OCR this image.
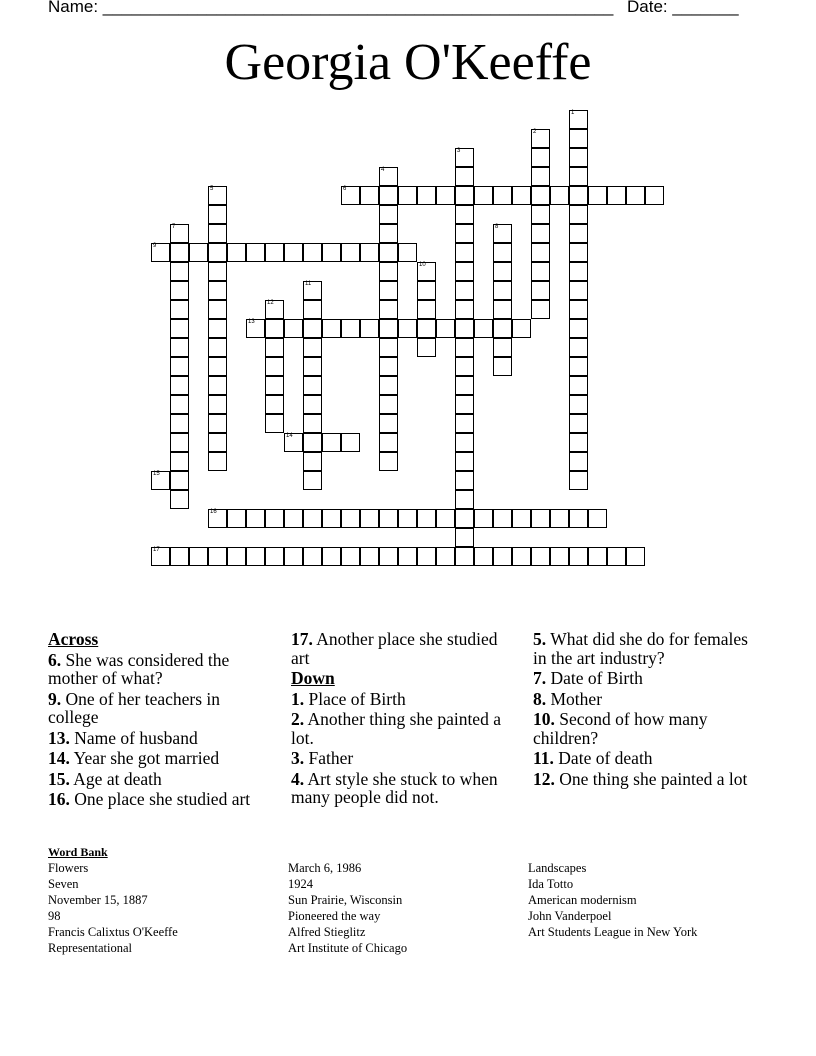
Name: ______________________________________________________ Date: _______
Georgia O'Keeffe
1
2
3
4
5	6
7	8
9
10
11
12
13
14
15
16
17
Across
6. She was considered the mother of what?
9. One of her teachers in college
13. Name of husband
14. Year she got married
15. Age at death
16. One place she studied art
17. Another place she studied art
Down
1. Place of Birth
2. Another thing she painted a lot.
3. Father
4. Art style she stuck to when many people did not.
5. What did she do for females in the art industry?
7. Date of Birth
8. Mother
10. Second of how many children?
11. Date of death
12. One thing she painted a lot
Word Bank
Flowers
Seven
November 15, 1887
98
Francis Calixtus O'Keeffe
Representational
March 6, 1986
1924
Sun Prairie, Wisconsin
Pioneered the way
Alfred Stieglitz
Art Institute of Chicago
Landscapes
Ida Totto
American modernism
John Vanderpoel
Art Students League in New York
